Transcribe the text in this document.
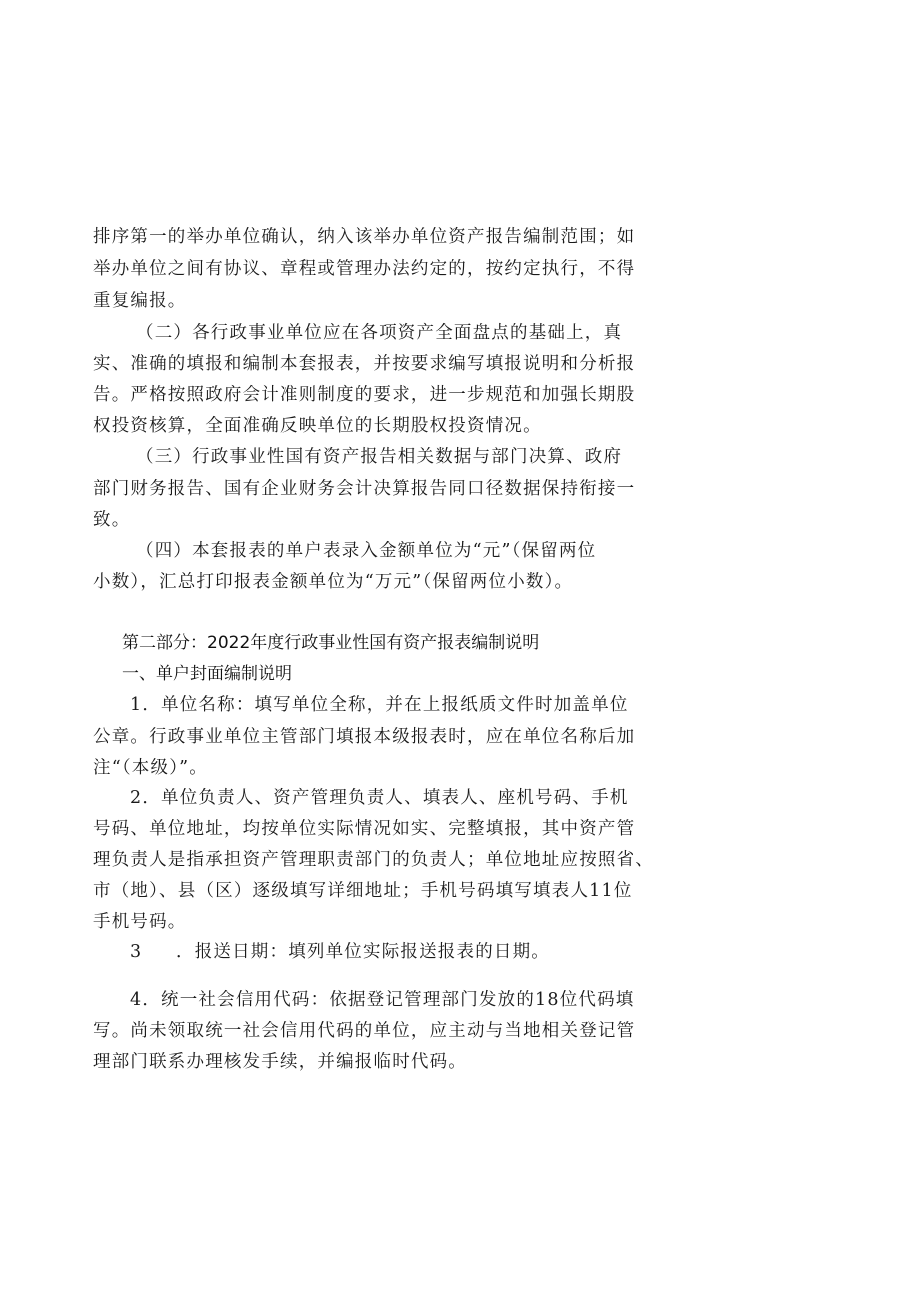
排序第一的举办单位确认，纳入该举办单位资产报告编制范围；如
举办单位之间有协议、章程或管理办法约定的，按约定执行，不得
重复编报。
（二）各行政事业单位应在各项资产全面盘点的基础上，真
实、准确的填报和编制本套报表，并按要求编写填报说明和分析报
告。严格按照政府会计准则制度的要求，进一步规范和加强长期股
权投资核算，全面准确反映单位的长期股权投资情况。
（三）行政事业性国有资产报告相关数据与部门决算、政府
部门财务报告、国有企业财务会计决算报告同口径数据保持衔接一
致。
（四）本套报表的单户表录入金额单位为“元”（保留两位
小数），汇总打印报表金额单位为“万元”（保留两位小数）。
第二部分：2022年度行政事业性国有资产报表编制说明
一、单户封面编制说明
1．单位名称：填写单位全称，并在上报纸质文件时加盖单位
公章。行政事业单位主管部门填报本级报表时，应在单位名称后加
注“（本级）”。
2．单位负责人、资产管理负责人、填表人、座机号码、手机
号码、单位地址，均按单位实际情况如实、完整填报，其中资产管
理负责人是指承担资产管理职责部门的负责人；单位地址应按照省、
市（地）、县（区）逐级填写详细地址；手机号码填写填表人11位
手机号码。
3 ．报送日期：填列单位实际报送报表的日期。
4．统一社会信用代码：依据登记管理部门发放的18位代码填
写。尚未领取统一社会信用代码的单位，应主动与当地相关登记管
理部门联系办理核发手续，并编报临时代码。
